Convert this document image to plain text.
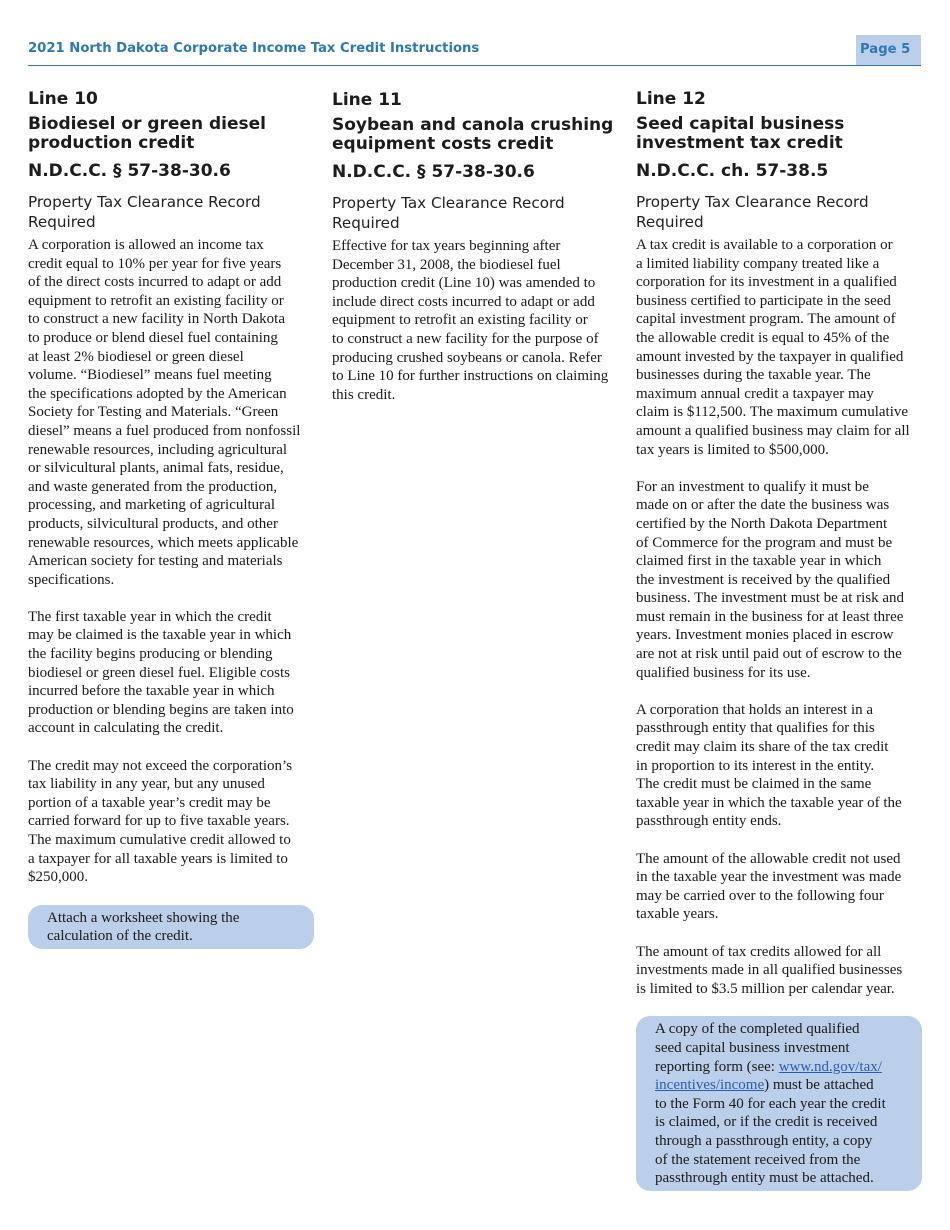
2021 North Dakota Corporate Income Tax Credit Instructions	Page 5
Line 10
Biodiesel or green diesel
production credit
N.D.C.C. § 57-38-30.6
Property Tax Clearance Record
Required

A corporation is allowed an income tax
credit equal to 10% per year for five years
of the direct costs incurred to adapt or add
equipment to retrofit an existing facility or
to construct a new facility in North Dakota
to produce or blend diesel fuel containing
at least 2% biodiesel or green diesel
volume. “Biodiesel” means fuel meeting
the specifications adopted by the American
Society for Testing and Materials. “Green
diesel” means a fuel produced from nonfossil
renewable resources, including agricultural
or silvicultural plants, animal fats, residue,
and waste generated from the production,
processing, and marketing of agricultural
products, silvicultural products, and other
renewable resources, which meets applicable
American society for testing and materials
specifications.

The first taxable year in which the credit
may be claimed is the taxable year in which
the facility begins producing or blending
biodiesel or green diesel fuel. Eligible costs
incurred before the taxable year in which
production or blending begins are taken into
account in calculating the credit.

The credit may not exceed the corporation’s
tax liability in any year, but any unused
portion of a taxable year’s credit may be
carried forward for up to five taxable years.
The maximum cumulative credit allowed to
a taxpayer for all taxable years is limited to
$250,000.

Attach a worksheet showing the
calculation of the credit.
Line 11
Soybean and canola crushing
equipment costs credit
N.D.C.C. § 57-38-30.6
Property Tax Clearance Record
Required

Effective for tax years beginning after
December 31, 2008, the biodiesel fuel
production credit (Line 10) was amended to
include direct costs incurred to adapt or add
equipment to retrofit an existing facility or
to construct a new facility for the purpose of
producing crushed soybeans or canola. Refer
to Line 10 for further instructions on claiming
this credit.

Line 12
Seed capital business
investment tax credit
N.D.C.C. ch. 57-38.5
Property Tax Clearance Record
Required

A tax credit is available to a corporation or
a limited liability company treated like a
corporation for its investment in a qualified
business certified to participate in the seed
capital investment program. The amount of
the allowable credit is equal to 45% of the
amount invested by the taxpayer in qualified
businesses during the taxable year. The
maximum annual credit a taxpayer may
claim is $112,500. The maximum cumulative
amount a qualified business may claim for all
tax years is limited to $500,000.

For an investment to qualify it must be
made on or after the date the business was
certified by the North Dakota Department
of Commerce for the program and must be
claimed first in the taxable year in which
the investment is received by the qualified
business. The investment must be at risk and
must remain in the business for at least three
years. Investment monies placed in escrow
are not at risk until paid out of escrow to the
qualified business for its use.

A corporation that holds an interest in a
passthrough entity that qualifies for this
credit may claim its share of the tax credit
in proportion to its interest in the entity.
The credit must be claimed in the same
taxable year in which the taxable year of the
passthrough entity ends.

The amount of the allowable credit not used
in the taxable year the investment was made
may be carried over to the following four
taxable years.

The amount of tax credits allowed for all
investments made in all qualified businesses
is limited to $3.5 million per calendar year.

A copy of the completed qualified
seed capital business investment
reporting form (see: www.nd.gov/tax/
incentives/income) must be attached
to the Form 40 for each year the credit
is claimed, or if the credit is received
through a passthrough entity, a copy
of the statement received from the
passthrough entity must be attached.
